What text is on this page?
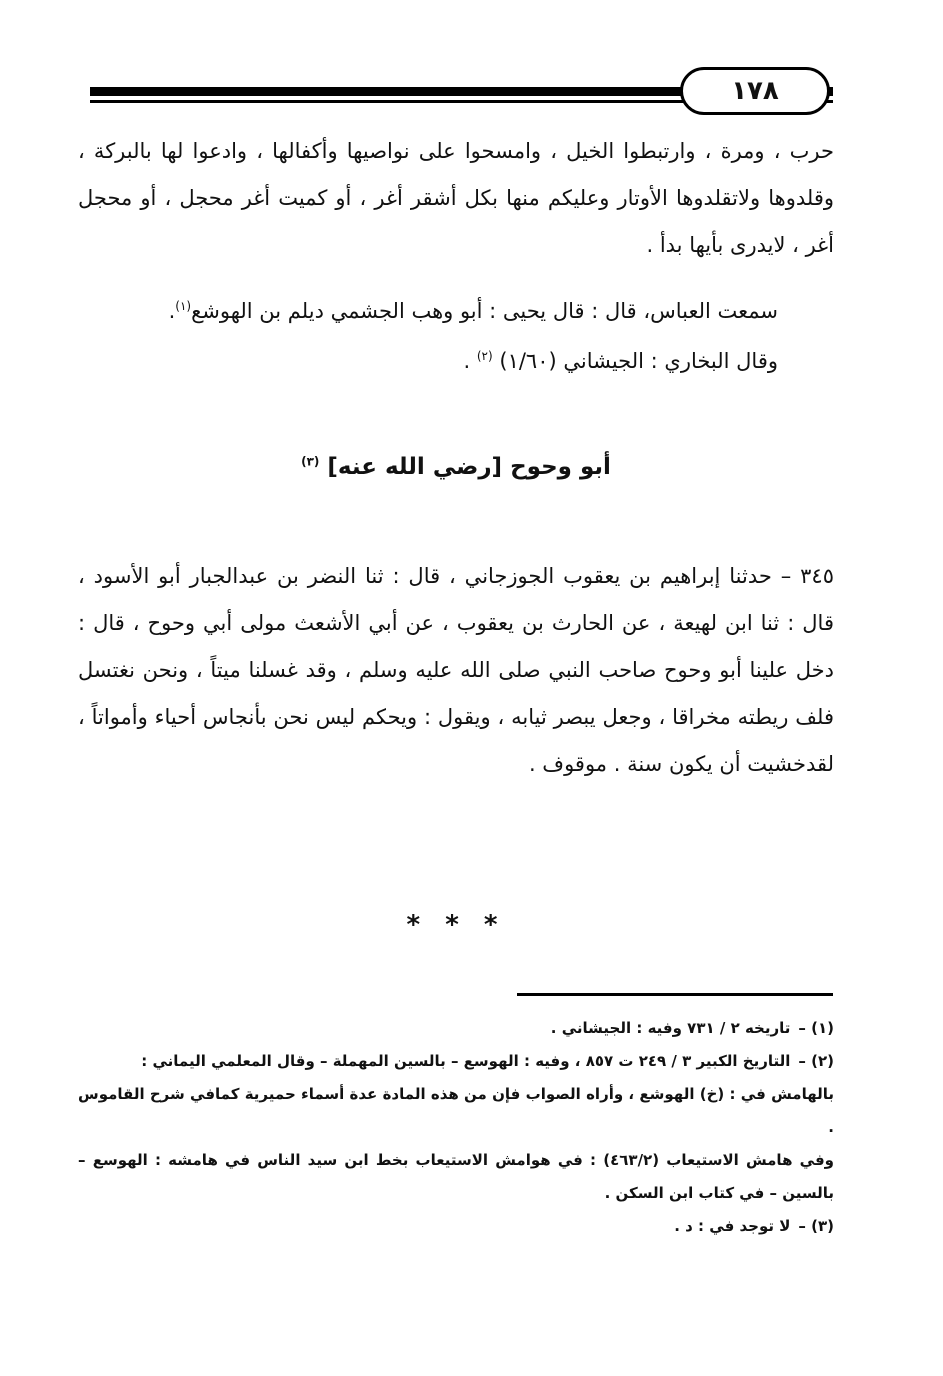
١٧٨

حرب ، ومرة ، وارتبطوا الخيل ، وامسحوا على نواصيها وأكفالها ، وادعوا لها بالبركة ، وقلدوها ولاتقلدوها الأوتار وعليكم منها بكل أشقر أغر ، أو كميت أغر محجل ، أو محجل أغر ، لايدرى بأيها بدأ .

سمعت العباس، قال : قال يحيى : أبو وهب الجشمي ديلم بن الهوشع$^{(١)}$.

وقال البخاري : الجيشاني (١/٦٠) $^{(٢)}$ .

أبو وحوح [رضي الله عنه] $^{(٣)}$

٣٤٥ – حدثنا إبراهيم بن يعقوب الجوزجاني ، قال : ثنا النضر بن عبدالجبار أبو الأسود ، قال : ثنا ابن لهيعة ، عن الحارث بن يعقوب ، عن أبي الأشعث مولى أبي وحوح ، قال : دخل علينا أبو وحوح صاحب النبي صلى الله عليه وسلم ، وقد غسلنا ميتاً ، ونحن نغتسل فلف ريطته مخراقا ، وجعل يبصر ثيابه ، ويقول : ويحكم ليس نحن بأنجاس أحياء وأمواتاً ، لقدخشيت أن يكون سنة . موقوف .

* * *
(١) –
تاريخه ٢ / ٧٣١ وفيه : الجيشاني .
(٢) –
التاريخ الكبير ٣ / ٢٤٩ ت ٨٥٧ ، وفيه : الهوسع – بالسين المهملة – وقال المعلمي اليماني :
بالهامش في : (خ) الهوشع ، وأراه الصواب فإن من هذه المادة عدة أسماء حميرية كمافي شرح القاموس .
وفي هامش الاستيعاب (٤٦٣/٢) : في هوامش الاستيعاب بخط ابن سيد الناس في هامشه : الهوسع – بالسين – في كتاب ابن السكن .
(٣) –
لا توجد في : د .
